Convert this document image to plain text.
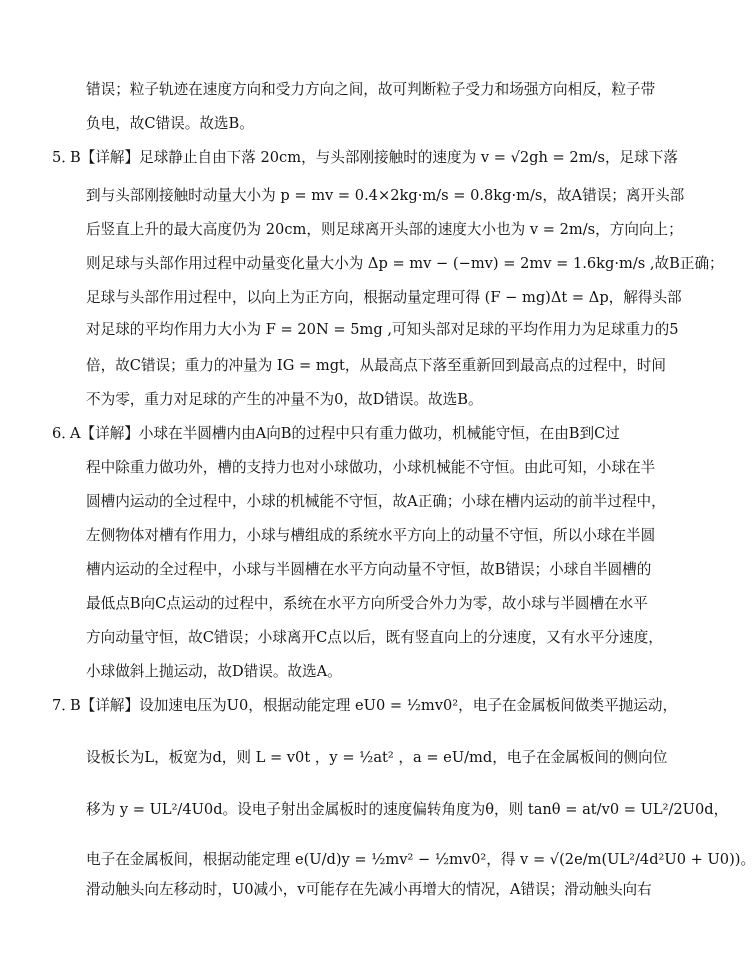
错误；粒子轨迹在速度方向和受力方向之间，故可判断粒子受力和场强方向相反，粒子带
负电，故C错误。故选B。
5．
B【详解】足球静止自由下落 20cm，与头部刚接触时的速度为 v = √2gh = 2m/s，足球下落
到与头部刚接触时动量大小为 p = mv = 0.4×2kg·m/s = 0.8kg·m/s，故A错误；离开头部
后竖直上升的最大高度仍为 20cm，则足球离开头部的速度大小也为 v = 2m/s，方向向上；
则足球与头部作用过程中动量变化量大小为 Δp = mv − (−mv) = 2mv = 1.6kg·m/s ,故B正确；
足球与头部作用过程中，以向上为正方向，根据动量定理可得 (F − mg)Δt = Δp，解得头部
对足球的平均作用力大小为 F = 20N = 5mg ,可知头部对足球的平均作用力为足球重力的5
倍，故C错误；重力的冲量为 IG = mgt，从最高点下落至重新回到最高点的过程中，时间
不为零，重力对足球的产生的冲量不为0，故D错误。故选B。
6．
A【详解】小球在半圆槽内由A向B的过程中只有重力做功，机械能守恒，在由B到C过
程中除重力做功外，槽的支持力也对小球做功，小球机械能不守恒。由此可知，小球在半
圆槽内运动的全过程中，小球的机械能不守恒，故A正确；小球在槽内运动的前半过程中，
左侧物体对槽有作用力，小球与槽组成的系统水平方向上的动量不守恒，所以小球在半圆
槽内运动的全过程中，小球与半圆槽在水平方向动量不守恒，故B错误；小球自半圆槽的
最低点B向C点运动的过程中，系统在水平方向所受合外力为零，故小球与半圆槽在水平
方向动量守恒，故C错误；小球离开C点以后，既有竖直向上的分速度，又有水平分速度，
小球做斜上抛运动，故D错误。故选A。
7．
B【详解】设加速电压为U0，根据动能定理 eU0 = ½mv0²，电子在金属板间做类平抛运动，
设板长为L，板宽为d，则 L = v0t ，y = ½at² ，a = eU/md，电子在金属板间的侧向位
移为 y = UL²/4U0d。设电子射出金属板时的速度偏转角度为θ，则 tanθ = at/v0 = UL²/2U0d，
电子在金属板间，根据动能定理 e(U/d)y = ½mv² − ½mv0²，得 v = √(2e/m(UL²/4d²U0 + U0))。
滑动触头向左移动时，U0减小，v可能存在先减小再增大的情况，A错误；滑动触头向右
